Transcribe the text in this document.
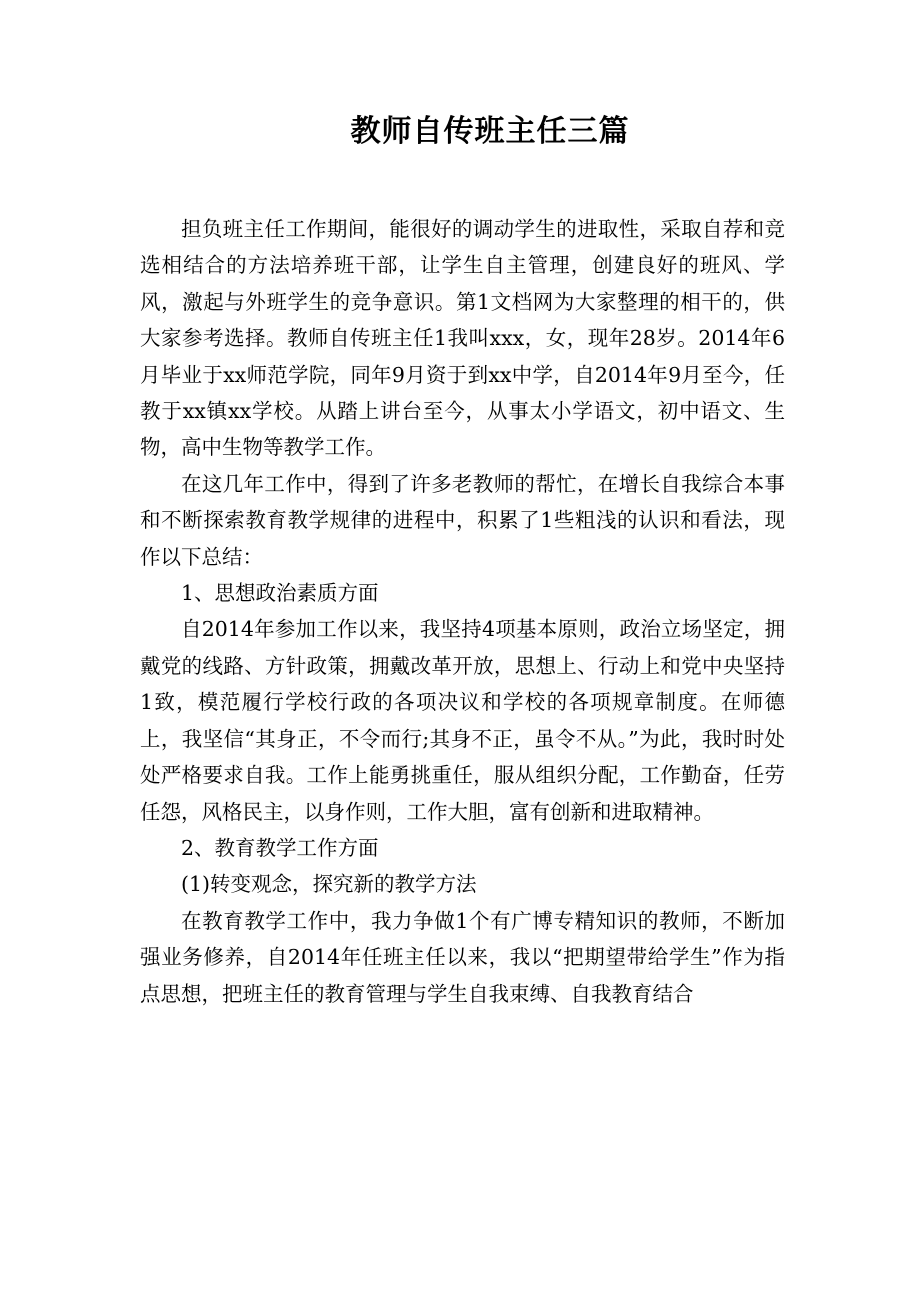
教师自传班主任三篇

担负班主任工作期间，能很好的调动学生的进取性，采取自荐和竞选相结合的方法培养班干部，让学生自主管理，创建良好的班风、学风，激起与外班学生的竞争意识。第1文档网为大家整理的相干的，供大家参考选择。教师自传班主任1我叫xxx，女，现年28岁。2014年6月毕业于xx师范学院，同年9月资于到xx中学，自2014年9月至今，任教于xx镇xx学校。从踏上讲台至今，从事太小学语文，初中语文、生物，高中生物等教学工作。

在这几年工作中，得到了许多老教师的帮忙，在增长自我综合本事和不断探索教育教学规律的进程中，积累了1些粗浅的认识和看法，现作以下总结：

1、思想政治素质方面

自2014年参加工作以来，我坚持4项基本原则，政治立场坚定，拥戴党的线路、方针政策，拥戴改革开放，思想上、行动上和党中央坚持1致，模范履行学校行政的各项决议和学校的各项规章制度。在师德上，我坚信“其身正，不令而行;其身不正，虽令不从。”为此，我时时处处严格要求自我。工作上能勇挑重任，服从组织分配，工作勤奋，任劳任怨，风格民主，以身作则，工作大胆，富有创新和进取精神。

2、教育教学工作方面

(1)转变观念，探究新的教学方法

在教育教学工作中，我力争做1个有广博专精知识的教师，不断加强业务修养，自2014年任班主任以来，我以“把期望带给学生”作为指点思想，把班主任的教育管理与学生自我束缚、自我教育结合
